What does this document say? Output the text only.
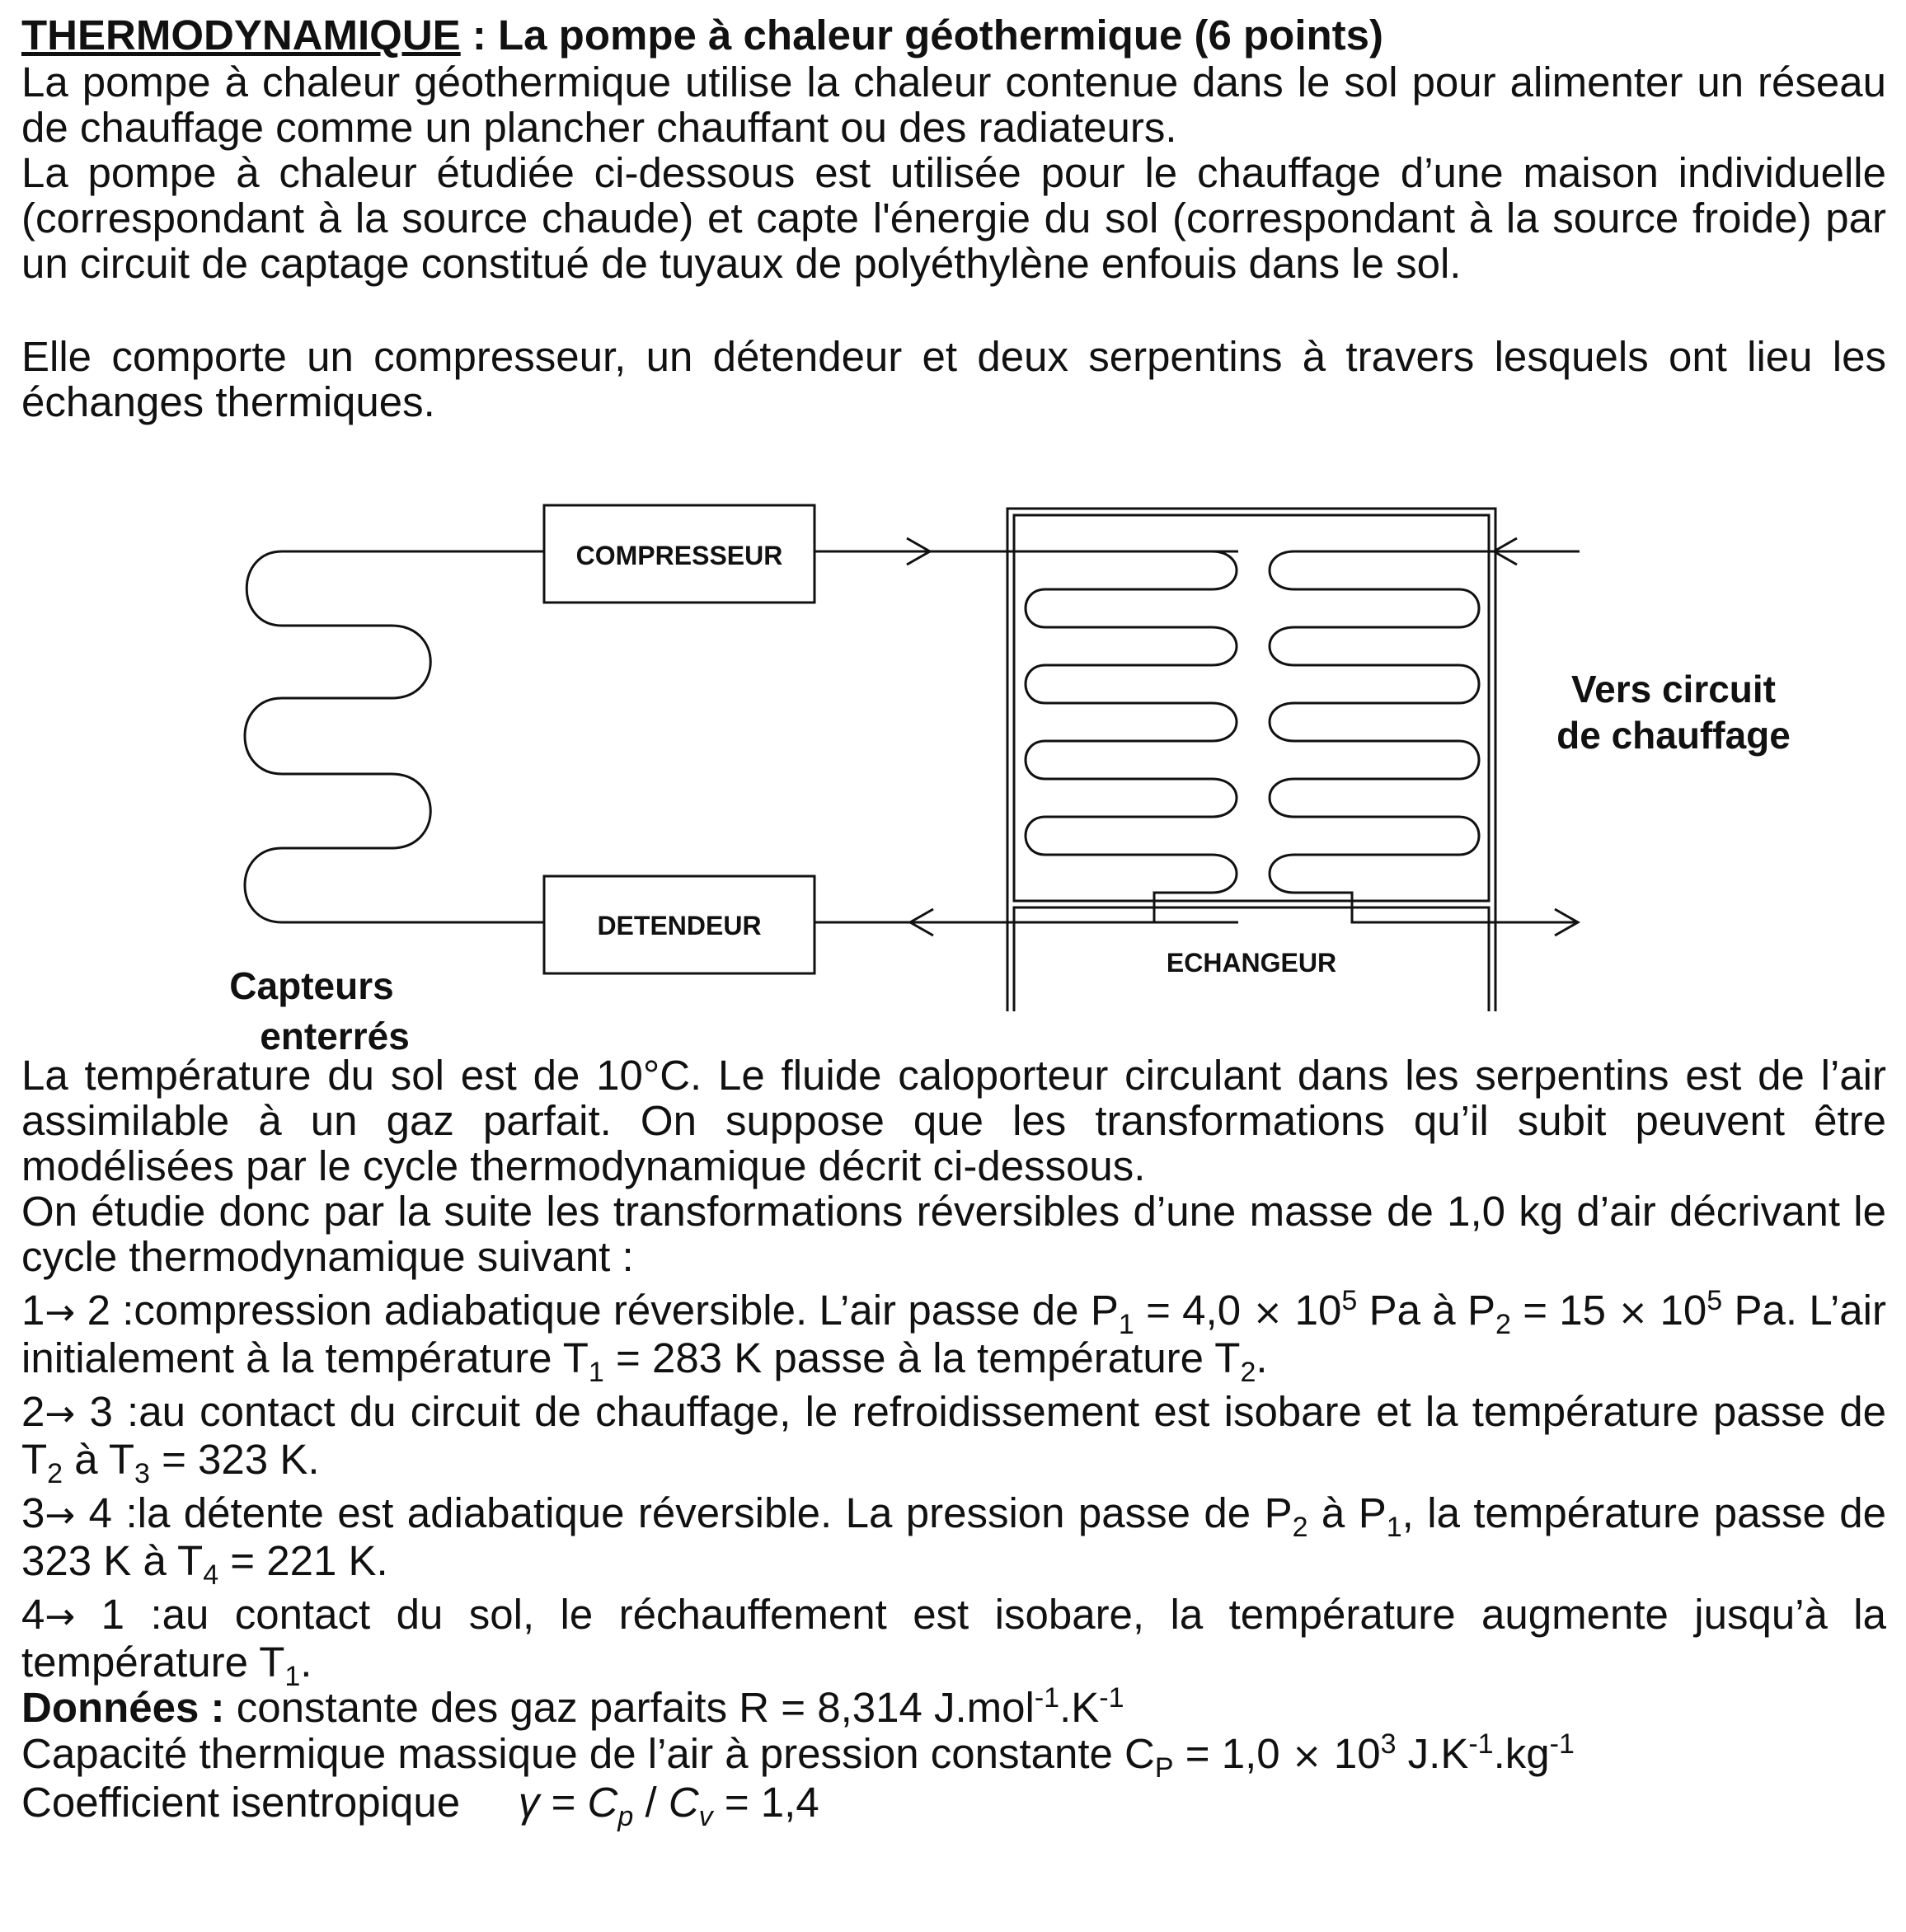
THERMODYNAMIQUE : La pompe à chaleur géothermique (6 points)

La pompe à chaleur géothermique utilise la chaleur contenue dans le sol pour alimenter un réseau de chauffage comme un plancher chauffant ou des radiateurs.

La pompe à chaleur étudiée ci-dessous est utilisée pour le chauffage d’une maison individuelle (correspondant à la source chaude) et capte l'énergie du sol (correspondant à la source froide) par un circuit de captage constitué de tuyaux de polyéthylène enfouis dans le sol.

Elle comporte un compresseur, un détendeur et deux serpentins à travers lesquels ont lieu les échanges thermiques.

COMPRESSEUR
DETENDEUR
ECHANGEUR
Vers circuit
de chauffage
Capteurs
enterrés

La température du sol est de 10°C. Le fluide caloporteur circulant dans les serpentins est de l’air assimilable à un gaz parfait. On suppose que les transformations qu’il subit peuvent être modélisées par le cycle thermodynamique décrit ci-dessous.

On étudie donc par la suite les transformations réversibles d’une masse de 1,0 kg d’air décrivant le cycle thermodynamique suivant :

1→ 2 :compression adiabatique réversible. L’air passe de $P_1 = 4,0 \times 10^5$ Pa à $P_2 = 15 \times 10^5$ Pa. L’air initialement à la température $T_1 = 283$ K passe à la température $T_2$.

2→ 3 :au contact du circuit de chauffage, le refroidissement est isobare et la température passe de $T_2$ à $T_3 = 323$ K.

3→ 4 :la détente est adiabatique réversible. La pression passe de $P_2$ à $P_1$, la température passe de 323 K à $T_4 = 221$ K.

4→ 1 :au contact du sol, le réchauffement est isobare, la température augmente jusqu’à la température $T_1$.

Données : constante des gaz parfaits R = 8,314 $J.mol^{-1}.K^{-1}$

Capacité thermique massique de l’air à pression constante $C_P = 1,0 \times 10^3$ $J.K^{-1}.kg^{-1}$

Coefficient isentropique     $\gamma = C_p / C_v = 1,4$
